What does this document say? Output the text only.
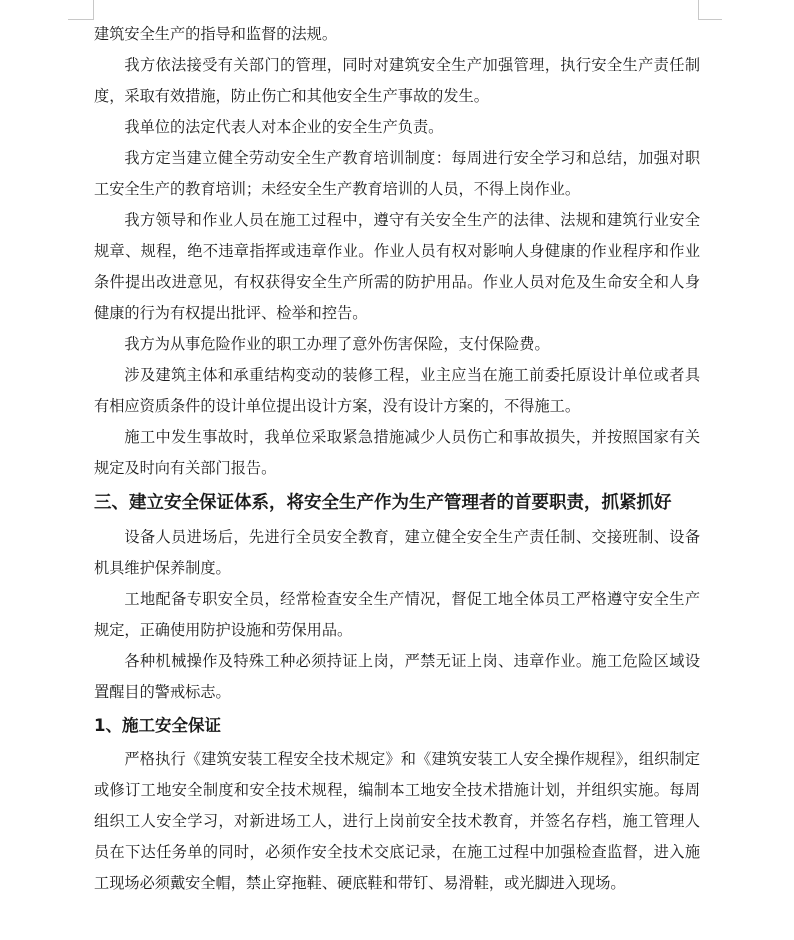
建筑安全生产的指导和监督的法规。

我方依法接受有关部门的管理，同时对建筑安全生产加强管理，执行安全生产责任制度，采取有效措施，防止伤亡和其他安全生产事故的发生。

我单位的法定代表人对本企业的安全生产负责。

我方定当建立健全劳动安全生产教育培训制度：每周进行安全学习和总结，加强对职工安全生产的教育培训；未经安全生产教育培训的人员，不得上岗作业。

我方领导和作业人员在施工过程中，遵守有关安全生产的法律、法规和建筑行业安全规章、规程，绝不违章指挥或违章作业。作业人员有权对影响人身健康的作业程序和作业条件提出改进意见，有权获得安全生产所需的防护用品。作业人员对危及生命安全和人身健康的行为有权提出批评、检举和控告。

我方为从事危险作业的职工办理了意外伤害保险，支付保险费。

涉及建筑主体和承重结构变动的装修工程，业主应当在施工前委托原设计单位或者具有相应资质条件的设计单位提出设计方案，没有设计方案的，不得施工。

施工中发生事故时，我单位采取紧急措施减少人员伤亡和事故损失，并按照国家有关规定及时向有关部门报告。

三、建立安全保证体系，将安全生产作为生产管理者的首要职责，抓紧抓好

设备人员进场后，先进行全员安全教育，建立健全安全生产责任制、交接班制、设备机具维护保养制度。

工地配备专职安全员，经常检查安全生产情况，督促工地全体员工严格遵守安全生产规定，正确使用防护设施和劳保用品。

各种机械操作及特殊工种必须持证上岗，严禁无证上岗、违章作业。施工危险区域设置醒目的警戒标志。

1、施工安全保证

严格执行《建筑安装工程安全技术规定》和《建筑安装工人安全操作规程》，组织制定或修订工地安全制度和安全技术规程，编制本工地安全技术措施计划，并组织实施。每周组织工人安全学习，对新进场工人，进行上岗前安全技术教育，并签名存档，施工管理人员在下达任务单的同时，必须作安全技术交底记录，在施工过程中加强检查监督，进入施工现场必须戴安全帽，禁止穿拖鞋、硬底鞋和带钉、易滑鞋，或光脚进入现场。
